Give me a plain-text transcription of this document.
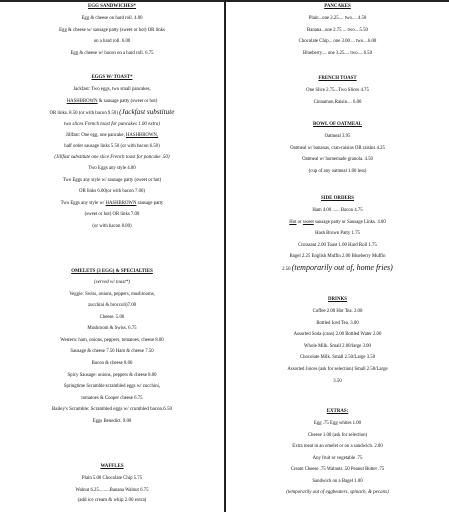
EGG SANDWICHES*
Egg & cheese on hard roll. 4.00
Egg & cheese w/ sausage patty (sweet or hot) OR links
on a hard roll. 6.00
Egg & cheese w/ bacon on a hard roll. 6.75
EGGS W/ TOAST*
Jackfast: Two eggs, two small pancakes,
HASHBROWN & sausage patty (sweet or hot)
OR links. 8.50 (or with bacon 9.50) (Jackfast substitute
two slices French toast for pancakes 1.00 extra)
Jillfast: One egg, one pancake, HASHBROWN,
half order sausage links 5.50 (or with bacon 6.50)
(Jillfast substitute one slice French toast for pancake .50)
Two Eggs any style 4.00
Two Eggs any style w/ sausage patty (sweet or hot)
OR links 6.00(or with bacon 7.00)
Two Eggs any style w/ HASHBROWN sausage patty
(sweet or hot) OR links 7.00
(or with bacon 8.00)
OMELETS (3 EGG) & SPECIALTIES
(served w/ toast*)
Veggie: Swiss, onions, peppers, mushrooms,
zucchini & broccoli)7.00
Cheese. 5.00
Mushroom & Swiss. 6.75
Western: ham, onions, peppers, tomatoes, cheese 8.00
Sausage & cheese 7.50 Ham & cheese 7.50
Bacon & cheese 8.00
Spicy Sausage: onions, peppers & cheese 8.00
Springtime Scramble:scrambled eggs w/ zucchini,
tomatoes & Cooper cheese 6.75
Bailey's Scramble: Scrambled eggs w/ crumbled bacon.6.50
Eggs Benedict. 9.00
WAFFLES
Plain 5.00 Chocolate Chip 5.75
Walnut 6.25.........Banana Walnut 6.75
(add ice cream & whip 2.00 extra)
PANCAKES
Plain...one 2.25.... two.... 4.50
Banana...one 2.75 ... two....5.50
Chocolate Chip... one 3.00 ... two....6.00
Blueberry.... one 3.25.... two.....6.50
FRENCH TOAST
One Slice 2.75...Two Slices 4.75
Cinnamon Raisin.... 6.00
BOWL OF OATMEAL
Oatmeal 3.95
Oatmeal w/ bananas, cran-raisins OR raisins 4.25
Oatmeal w/ homemade granola. 4.50
(cup of any oatmeal 1.00 less)
SIDE ORDERS
Ham 4.00 ...... Bacon 4.75
Hot or sweet sausage patty or Sausage Links. 4.00
Hash Brown Patty 1.75
Croissant 2.00 Toast 1.00 Hard Roll 1.75
Bagel 2.25 English Muffin 2.00 Blueberry Muffin
2.50 (temporarily out of, home fries)
DRINKS
Coffee 2.00 Hot Tea. 2.00
Bottled Iced Tea. 3.00
Assorted Soda (cans) 2.00 Bottled Water 2.00
Whole Milk. Small 2.00/large 3.00
Chocolate Milk. Small 2.50/Large 3.50
Assorted Juices (ask for selection) Small 2.50/Large
3.50
EXTRAS:
Egg .75 Egg whites 1.00
Cheese 1.00 (ask for selection)
Extra meat in an omelet or on a sandwich. 2.00
Any fruit or vegetable .75
Cream Cheese .75 Walnuts .50 Peanut Butter .75
Sandwich on a Bagel 1.00
(temporarily out of eggbeaters, spinach, & pecans)
